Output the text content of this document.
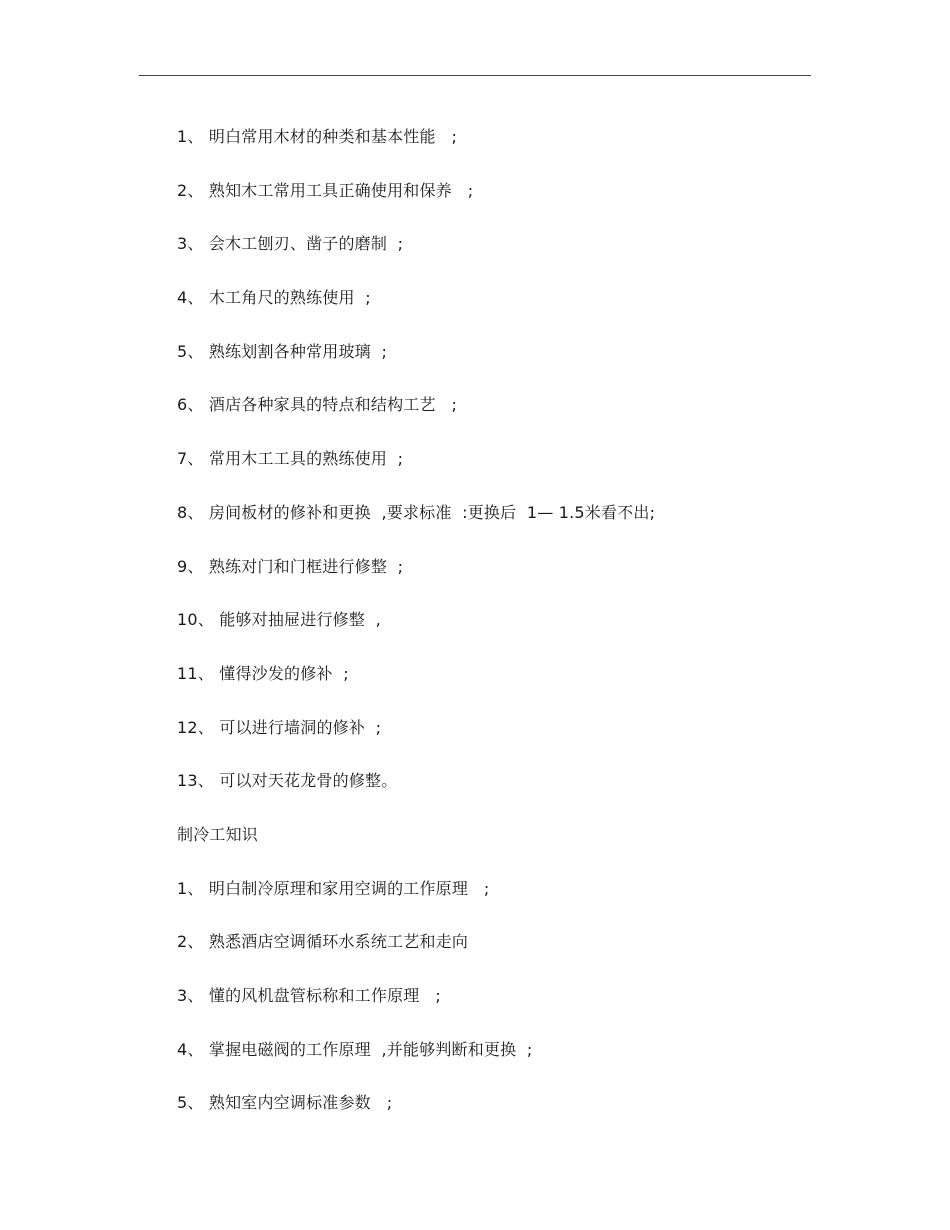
1、 明白常用木材的种类和基本性能   ;
2、 熟知木工常用工具正确使用和保养   ;
3、 会木工刨刃、凿子的磨制  ;
4、 木工角尺的熟练使用  ;
5、 熟练划割各种常用玻璃  ;
6、 酒店各种家具的特点和结构工艺   ;
7、 常用木工工具的熟练使用  ;
8、 房间板材的修补和更换  ,要求标准  :更换后  1— 1.5米看不出;
9、 熟练对门和门框进行修整  ;
10、 能够对抽屉进行修整  ,
11、 懂得沙发的修补  ;
12、 可以进行墙洞的修补  ;
13、 可以对天花龙骨的修整。
制冷工知识
1、 明白制冷原理和家用空调的工作原理   ;
2、 熟悉酒店空调循环水系统工艺和走向
3、 懂的风机盘管标称和工作原理   ;
4、 掌握电磁阀的工作原理  ,并能够判断和更换  ;
5、 熟知室内空调标准参数   ;
